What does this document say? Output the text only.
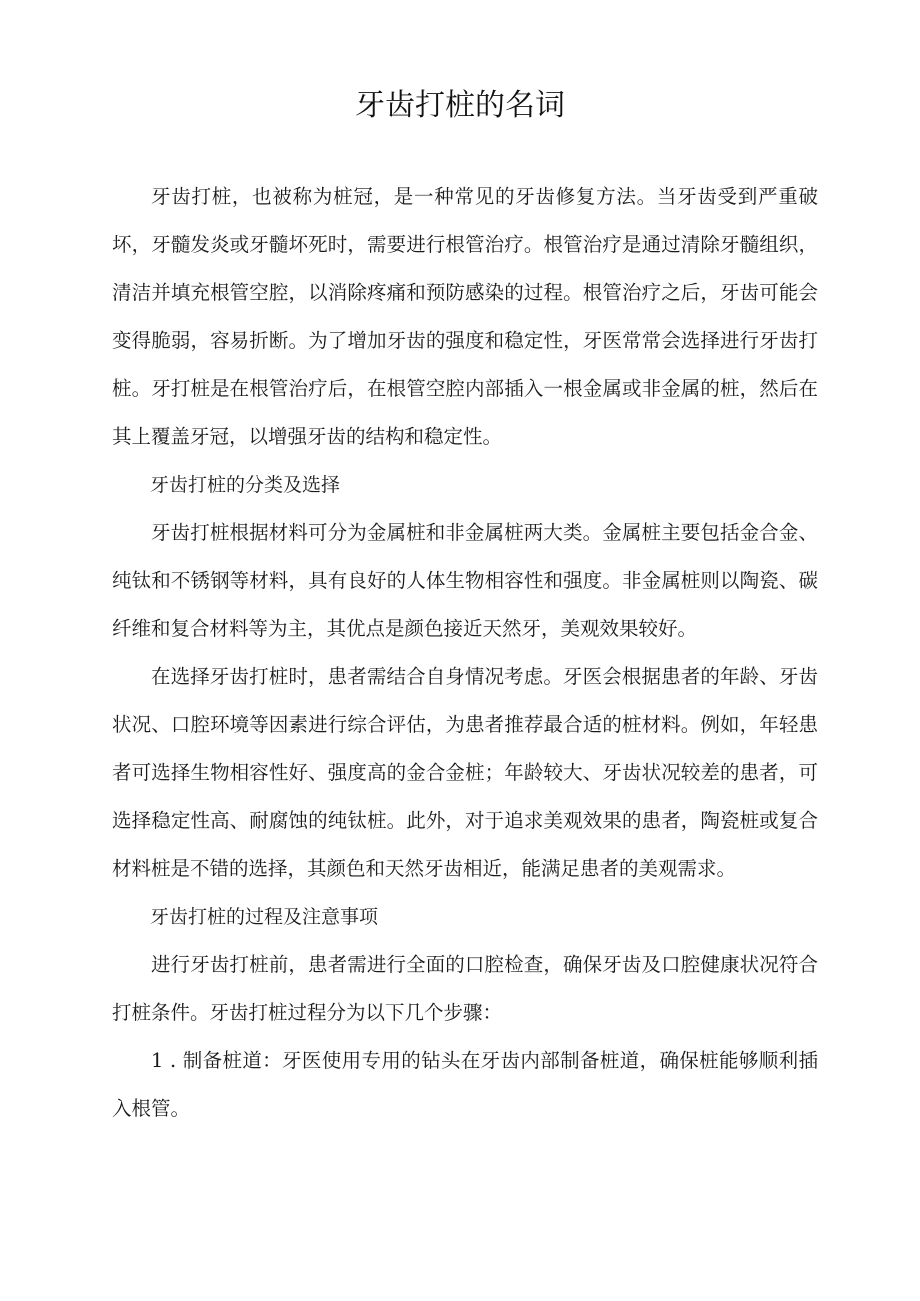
牙齿打桩的名词

牙齿打桩，也被称为桩冠，是一种常见的牙齿修复方法。当牙齿受到严重破坏，牙髓发炎或牙髓坏死时，需要进行根管治疗。根管治疗是通过清除牙髓组织，清洁并填充根管空腔，以消除疼痛和预防感染的过程。根管治疗之后，牙齿可能会变得脆弱，容易折断。为了增加牙齿的强度和稳定性，牙医常常会选择进行牙齿打桩。牙打桩是在根管治疗后，在根管空腔内部插入一根金属或非金属的桩，然后在其上覆盖牙冠，以增强牙齿的结构和稳定性。

牙齿打桩的分类及选择

牙齿打桩根据材料可分为金属桩和非金属桩两大类。金属桩主要包括金合金、纯钛和不锈钢等材料，具有良好的人体生物相容性和强度。非金属桩则以陶瓷、碳纤维和复合材料等为主，其优点是颜色接近天然牙，美观效果较好。

在选择牙齿打桩时，患者需结合自身情况考虑。牙医会根据患者的年龄、牙齿状况、口腔环境等因素进行综合评估，为患者推荐最合适的桩材料。例如，年轻患者可选择生物相容性好、强度高的金合金桩；年龄较大、牙齿状况较差的患者，可选择稳定性高、耐腐蚀的纯钛桩。此外，对于追求美观效果的患者，陶瓷桩或复合材料桩是不错的选择，其颜色和天然牙齿相近，能满足患者的美观需求。

牙齿打桩的过程及注意事项

进行牙齿打桩前，患者需进行全面的口腔检查，确保牙齿及口腔健康状况符合打桩条件。牙齿打桩过程分为以下几个步骤：

1 . 制备桩道：牙医使用专用的钻头在牙齿内部制备桩道，确保桩能够顺利插入根管。
